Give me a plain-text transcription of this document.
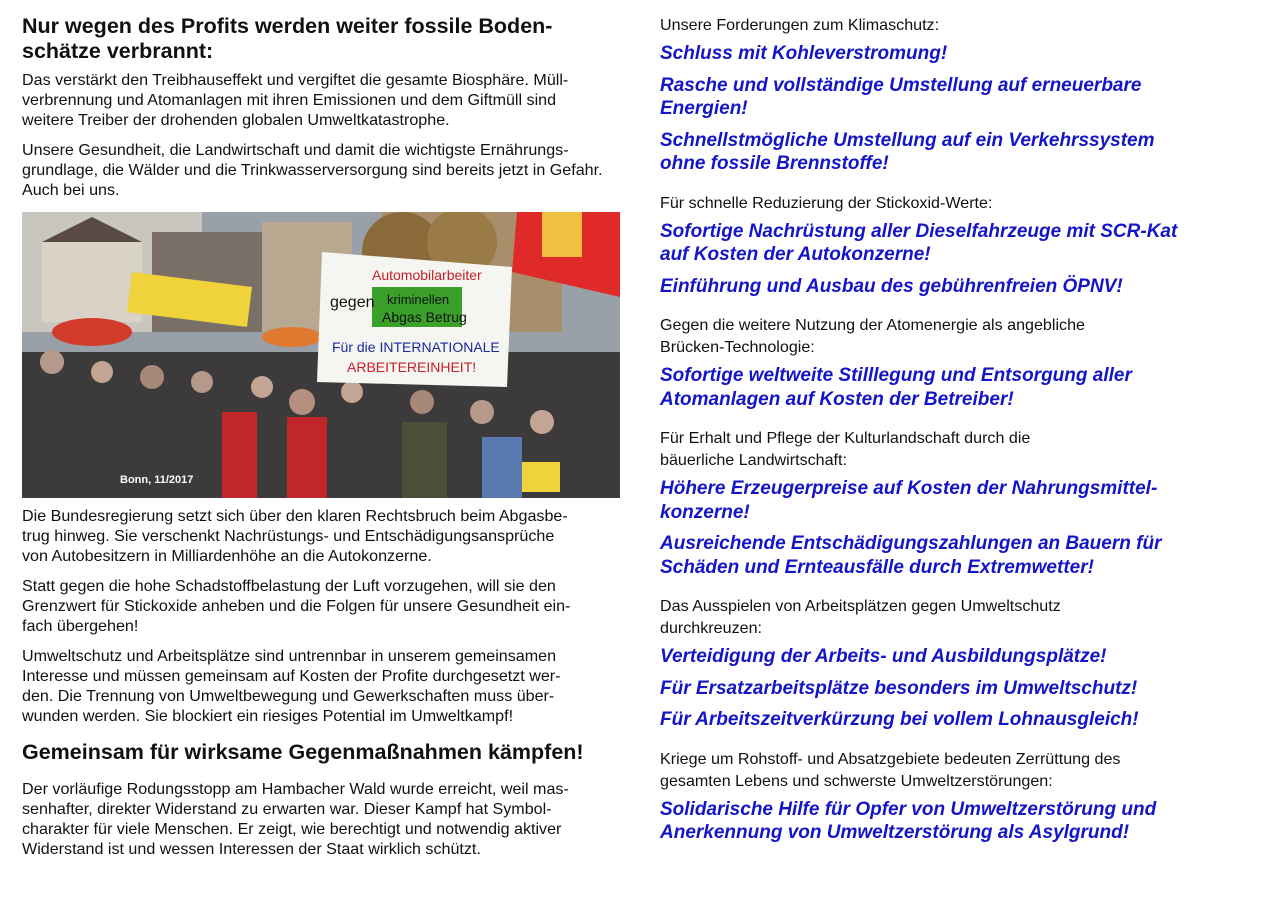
Nur wegen des Profits werden weiter fossile Boden-
schätze verbrannt:

Das verstärkt den Treibhauseffekt und vergiftet die gesamte Biosphäre. Müll-
verbrennung und Atomanlagen mit ihren Emissionen und dem Giftmüll sind
weitere Treiber der drohenden globalen Umweltkatastrophe.

Unsere Gesundheit, die Landwirtschaft und damit die wichtigste Ernährungs-
grundlage, die Wälder und die Trinkwasserversorgung sind bereits jetzt in Gefahr.
Auch bei uns.

Automobilarbeiter
gegen kriminellen
Abgas Betrug
Für die INTERNATIONALE
ARBEITEREINHEIT!
Bonn, 11/2017

Die Bundesregierung setzt sich über den klaren Rechtsbruch beim Abgasbe-
trug hinweg. Sie verschenkt Nachrüstungs- und Entschädigungsansprüche
von Autobesitzern in Milliardenhöhe an die Autokonzerne.

Statt gegen die hohe Schadstoffbelastung der Luft vorzugehen, will sie den
Grenzwert für Stickoxide anheben und die Folgen für unsere Gesundheit ein-
fach übergehen!

Umweltschutz und Arbeitsplätze sind untrennbar in unserem gemeinsamen
Interesse und müssen gemeinsam auf Kosten der Profite durchgesetzt wer-
den. Die Trennung von Umweltbewegung und Gewerkschaften muss über-
wunden werden. Sie blockiert ein riesiges Potential im Umweltkampf!

Gemeinsam für wirksame Gegenmaßnahmen kämpfen!

Der vorläufige Rodungsstopp am Hambacher Wald wurde erreicht, weil mas-
senhafter, direkter Widerstand zu erwarten war. Dieser Kampf hat Symbol-
charakter für viele Menschen. Er zeigt, wie berechtigt und notwendig aktiver
Widerstand ist und wessen Interessen der Staat wirklich schützt.

Unsere Forderungen zum Klimaschutz:
Schluss mit Kohleverstromung!
Rasche und vollständige Umstellung auf erneuerbare
Energien!
Schnellstmögliche Umstellung auf ein Verkehrssystem
ohne fossile Brennstoffe!
Für schnelle Reduzierung der Stickoxid-Werte:
Sofortige Nachrüstung aller Dieselfahrzeuge mit SCR-Kat
auf Kosten der Autokonzerne!
Einführung und Ausbau des gebührenfreien ÖPNV!
Gegen die weitere Nutzung der Atomenergie als angebliche
Brücken-Technologie:
Sofortige weltweite Stilllegung und Entsorgung aller
Atomanlagen auf Kosten der Betreiber!
Für Erhalt und Pflege der Kulturlandschaft durch die
bäuerliche Landwirtschaft:
Höhere Erzeugerpreise auf Kosten der Nahrungsmittel-
konzerne!
Ausreichende Entschädigungszahlungen an Bauern für
Schäden und Ernteausfälle durch Extremwetter!
Das Ausspielen von Arbeitsplätzen gegen Umweltschutz
durchkreuzen:
Verteidigung der Arbeits- und Ausbildungsplätze!
Für Ersatzarbeitsplätze besonders im Umweltschutz!
Für Arbeitszeitverkürzung bei vollem Lohnausgleich!
Kriege um Rohstoff- und Absatzgebiete bedeuten Zerrüttung des
gesamten Lebens und schwerste Umweltzerstörungen:
Solidarische Hilfe für Opfer von Umweltzerstörung und
Anerkennung von Umweltzerstörung als Asylgrund!
